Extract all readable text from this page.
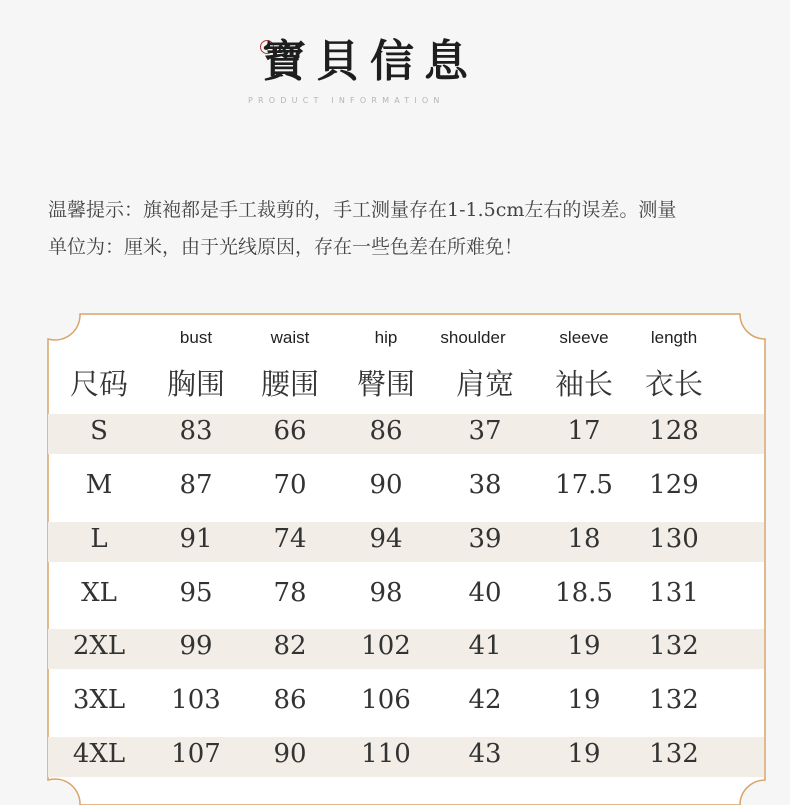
寶貝信息
PRODUCT INFORMATION
温馨提示：旗袍都是手工裁剪的，手工测量存在1-1.5cm左右的误差。测量
单位为：厘米，由于光线原因，存在一些色差在所难免！
bust	waist	hip	shoulder	sleeve length
尺码 胸围 腰围 臀围 肩宽 袖长 衣长
S	83 66 86	37	17 128
M	87 70 90	38 17.5 129
L	91 74 94	39	18 130
XL 95 78 98	40 18.5 131
2XL 99 82 102 41	19 132
3XL 103 86 106 42	19 132
4XL 107 90 110 43	19 132
